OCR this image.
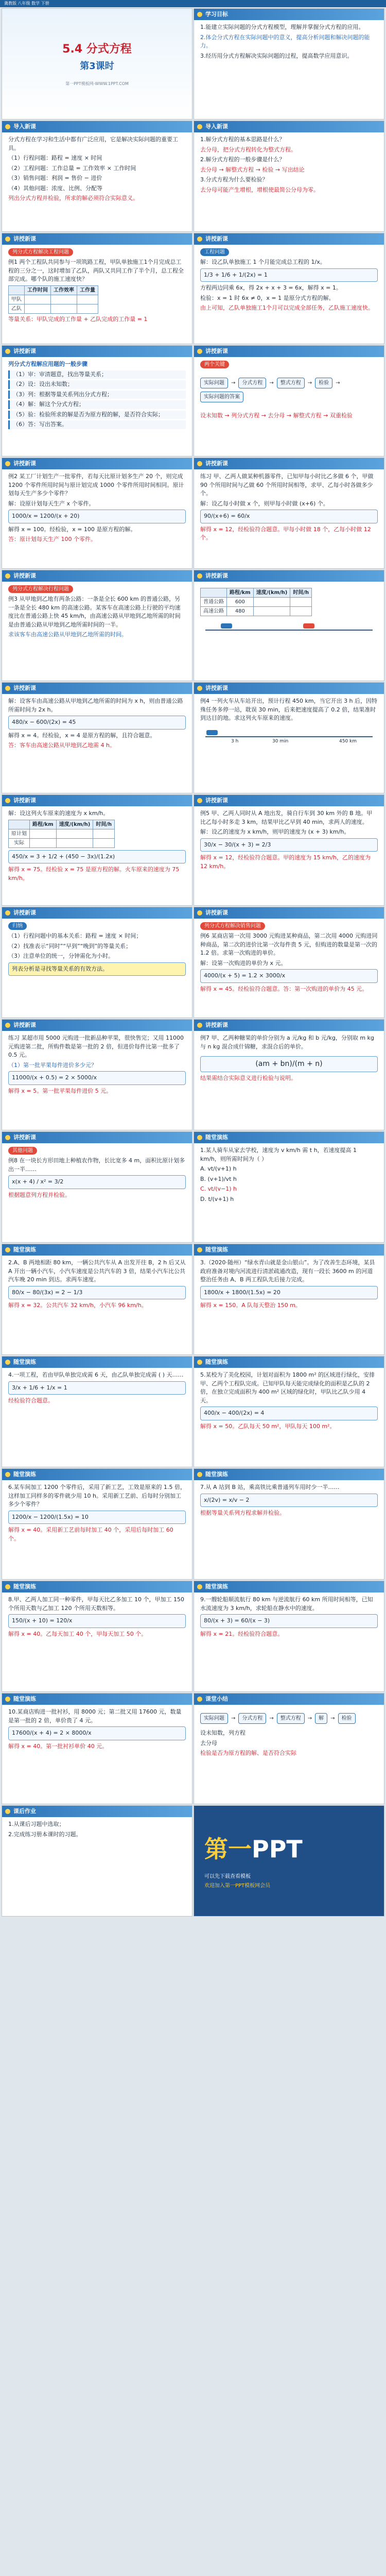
冀教版 八年级 数学 下册
5.4 分式方程
第3课时
第一PPT模板网-WWW.1PPT.COM
学习目标

1.能建立实际问题的分式方程模型，理解并掌握分式方程的应用。

2.体会分式方程在实际问题中的意义，提高分析问题和解决问题的能力。

3.经历用分式方程解决实际问题的过程，提高数学应用意识。

导入新课

分式方程在学习和生活中都有广泛应用，它是解决实际问题的重要工具。

（1）行程问题：路程 = 速度 × 时间

（2）工程问题：工作总量 = 工作效率 × 工作时间

（3）销售问题：利润 = 售价 − 进价

（4）其他问题：浓度、比例、分配等

列出分式方程并检验，所求的解必须符合实际意义。

导入新课

1.解分式方程的基本思路是什么？

去分母，把分式方程转化为整式方程。

2.解分式方程的一般步骤是什么？

去分母 → 解整式方程 → 检验 → 写出结论

3.分式方程为什么要检验？

去分母可能产生增根，增根使最简公分母为零。

讲授新课
列分式方程解决工程问题

例1 两个工程队共同参与一项筑路工程，甲队单独施工1个月完成总工程的三分之一，这时增加了乙队，两队又共同工作了半个月，总工程全部完成。哪个队的施工速度快？

	工作时间	工作效率	工作量
甲队			
乙队			

等量关系：甲队完成的工作量 + 乙队完成的工作量 = 1

讲授新课
工程问题

解：设乙队单独施工 1 个月能完成总工程的 1/x。

1/3 + 1/6 + 1/(2x) = 1

方程两边同乘 6x，得 2x + x + 3 = 6x，解得 x = 1。

检验：x = 1 时 6x ≠ 0，x = 1 是原分式方程的解。

由上可知，乙队单独施工1个月可以完成全部任务，乙队施工速度快。

讲授新课

列分式方程解应用题的一般步骤

（1）审：审清题意，找出等量关系；
（2）设：设出未知数；
（3）列：根据等量关系列出分式方程；
（4）解：解这个分式方程；
（5）验：检验所求的解是否为原方程的解，是否符合实际；
（6）答：写出答案。
讲授新课
两个关键
实际问题	→	分式方程	→	整式方程	→	检验	→
实际问题的答案

设未知数 → 列分式方程 → 去分母 → 解整式方程 → 双重检验

讲授新课

例2 某工厂计划生产一批零件，若每天比原计划多生产 20 个，则完成 1200 个零件所用时间与原计划完成 1000 个零件所用时间相同。原计划每天生产多少个零件？

解：设原计划每天生产 x 个零件。

1000/x = 1200/(x + 20)

解得 x = 100。经检验，x = 100 是原方程的解。

答：原计划每天生产 100 个零件。

讲授新课

练习 甲、乙两人做某种机器零件，已知甲每小时比乙多做 6 个，甲做 90 个所用时间与乙做 60 个所用时间相等，求甲、乙每小时各做多少个。

解：设乙每小时做 x 个，则甲每小时做 (x+6) 个。

90/(x+6) = 60/x

解得 x = 12，经检验符合题意。甲每小时做 18 个，乙每小时做 12 个。

讲授新课
列分式方程解决行程问题

例3 从甲地到乙地有两条公路：一条是全长 600 km 的普通公路，另一条是全长 480 km 的高速公路。某客车在高速公路上行驶的平均速度比在普通公路上快 45 km/h，由高速公路从甲地到乙地所需的时间是由普通公路从甲地到乙地所需时间的一半。

求该客车由高速公路从甲地到乙地所需的时间。

讲授新课
	路程/km	速度/(km/h)	时间/h
普通公路	600		
高速公路	480		
讲授新课

解：设客车由高速公路从甲地到乙地所需的时间为 x h，则由普通公路所需时间为 2x h。

480/x − 600/(2x) = 45

解得 x = 4。经检验，x = 4 是原方程的解，且符合题意。

答：客车由高速公路从甲地到乙地需 4 h。

讲授新课

例4 一列火车从车站开出，预计行程 450 km，当它开出 3 h 后，因特殊任务多停一站，耽误 30 min，后来把速度提高了 0.2 倍，结果准时到达目的地。求这列火车原来的速度。

3 h	30 min	450 km
讲授新课

解：设这列火车原来的速度为 x km/h。

	路程/km	速度/(km/h)	时间/h
原计划			
实际			
450/x = 3 + 1/2 + (450 − 3x)/(1.2x)

解得 x = 75。经检验 x = 75 是原方程的解。火车原来的速度为 75 km/h。

讲授新课

例5 甲、乙两人同时从 A 地出发，骑自行车到 30 km 外的 B 地。甲比乙每小时多走 3 km，结果甲比乙早到 40 min，求两人的速度。

解：设乙的速度为 x km/h，则甲的速度为 (x + 3) km/h。

30/x − 30/(x + 3) = 2/3

解得 x = 12，经检验符合题意。甲的速度为 15 km/h，乙的速度为 12 km/h。

讲授新课
归纳

（1）行程问题中的基本关系：路程 = 速度 × 时间；

（2）找准表示“同时”“早到”“晚到”的等量关系；

（3）注意单位的统一，分钟需化为小时。

列表分析是寻找等量关系的有效方法。
讲授新课
列分式方程解决销售问题

例6 某商店第一次用 3000 元购进某种商品，第二次用 4000 元购进同种商品，第二次的进价比第一次每件贵 5 元，但购进的数量是第一次的 1.2 倍。求第一次购进的单价。

解：设第一次购进的单价为 x 元。

4000/(x + 5) = 1.2 × 3000/x

解得 x = 45。经检验符合题意。答：第一次购进的单价为 45 元。

讲授新课

练习 某超市用 5000 元购进一批新品种苹果，很快售完；又用 11000 元购进第二批，所购件数是第一批的 2 倍，但进价每件比第一批多了 0.5 元。

（1）第一批苹果每件进价多少元？

11000/(x + 0.5) = 2 × 5000/x

解得 x = 5。第一批苹果每件进价 5 元。

讲授新课

例7 甲、乙两种糖果的单价分别为 a 元/kg 和 b 元/kg，分别取 m kg 与 n kg 混合成什锦糖，求混合后的单价。

(am + bn)/(m + n)

结果需结合实际意义进行检验与说明。

讲授新课
其他问题

例8 在一块长方形田地上种植农作物，长比宽多 4 m，面积比原计划多出一半……

x(x + 4) / x² = 3/2

根据题意列方程并检验。

随堂演练

1.某人骑车从家去学校，速度为 v km/h 需 t h，若速度提高 1 km/h，则所需时间为（ ）

A. vt/(v+1) h

B. (v+1)/vt h

C. vt/(v−1) h

D. t/(v+1) h

随堂演练

2.A、B 两地相距 80 km，一辆公共汽车从 A 出发开往 B，2 h 后又从 A 开出一辆小汽车，小汽车速度是公共汽车的 3 倍，结果小汽车比公共汽车晚 20 min 到达。求两车速度。

80/x − 80/(3x) = 2 − 1/3

解得 x = 32。公共汽车 32 km/h，小汽车 96 km/h。

随堂演练

3.（2020·随州）“绿水青山就是金山银山”。为了改善生态环境，某县政府准备对境内河流进行清淤疏通改造，现有一段长 3600 m 的河道整治任务由 A、B 两工程队先后接力完成。

1800/x + 1800/(1.5x) = 20

解得 x = 150。A 队每天整治 150 m。

随堂演练

4.一项工程，若由甲队单独完成需 6 天，由乙队单独完成需 ( ) 天……

3/x + 1/6 + 1/x = 1

经检验符合题意。

随堂演练

5.某校为了美化校园，计划对面积为 1800 m² 的区域进行绿化，安排甲、乙两个工程队完成。已知甲队每天能完成绿化的面积是乙队的 2 倍，在独立完成面积为 400 m² 区域的绿化时，甲队比乙队少用 4 天。

400/x − 400/(2x) = 4

解得 x = 50。乙队每天 50 m²，甲队每天 100 m²。

随堂演练

6.某车间加工 1200 个零件后，采用了新工艺，工效是原来的 1.5 倍，这样加工同样多的零件就少用 10 h。采用新工艺前、后每时分别加工多少个零件？

1200/x − 1200/(1.5x) = 10

解得 x = 40。采用新工艺前每时加工 40 个，采用后每时加工 60 个。

随堂演练

7.从 A 站到 B 站，乘高铁比乘普通列车用时少一半……

x/(2v) = x/v − 2

根据等量关系列方程求解并检验。

随堂演练

8.甲、乙两人加工同一种零件，甲每天比乙多加工 10 个，甲加工 150 个所用天数与乙加工 120 个所用天数相等。

150/(x + 10) = 120/x

解得 x = 40。乙每天加工 40 个，甲每天加工 50 个。

随堂演练

9.一艘轮船顺流航行 80 km 与逆流航行 60 km 所用时间相等，已知水流速度为 3 km/h，求轮船在静水中的速度。

80/(x + 3) = 60/(x − 3)

解得 x = 21。经检验符合题意。

随堂演练

10.某商店购进一批衬衫，用 8000 元；第二批又用 17600 元，数量是第一批的 2 倍，单价贵了 4 元。

17600/(x + 4) = 2 × 8000/x

解得 x = 40。第一批衬衫单价 40 元。

课堂小结
实际问题	→	分式方程	→	整式方程	→	解	→	检验

设未知数，列方程

去分母

检验是否为原方程的解、是否符合实际

课后作业

1.从课后习题中选取；

2.完成练习册本课时的习题。

第一PPT
可以先下载查看模板
欢迎加入第一PPT模板网会员
